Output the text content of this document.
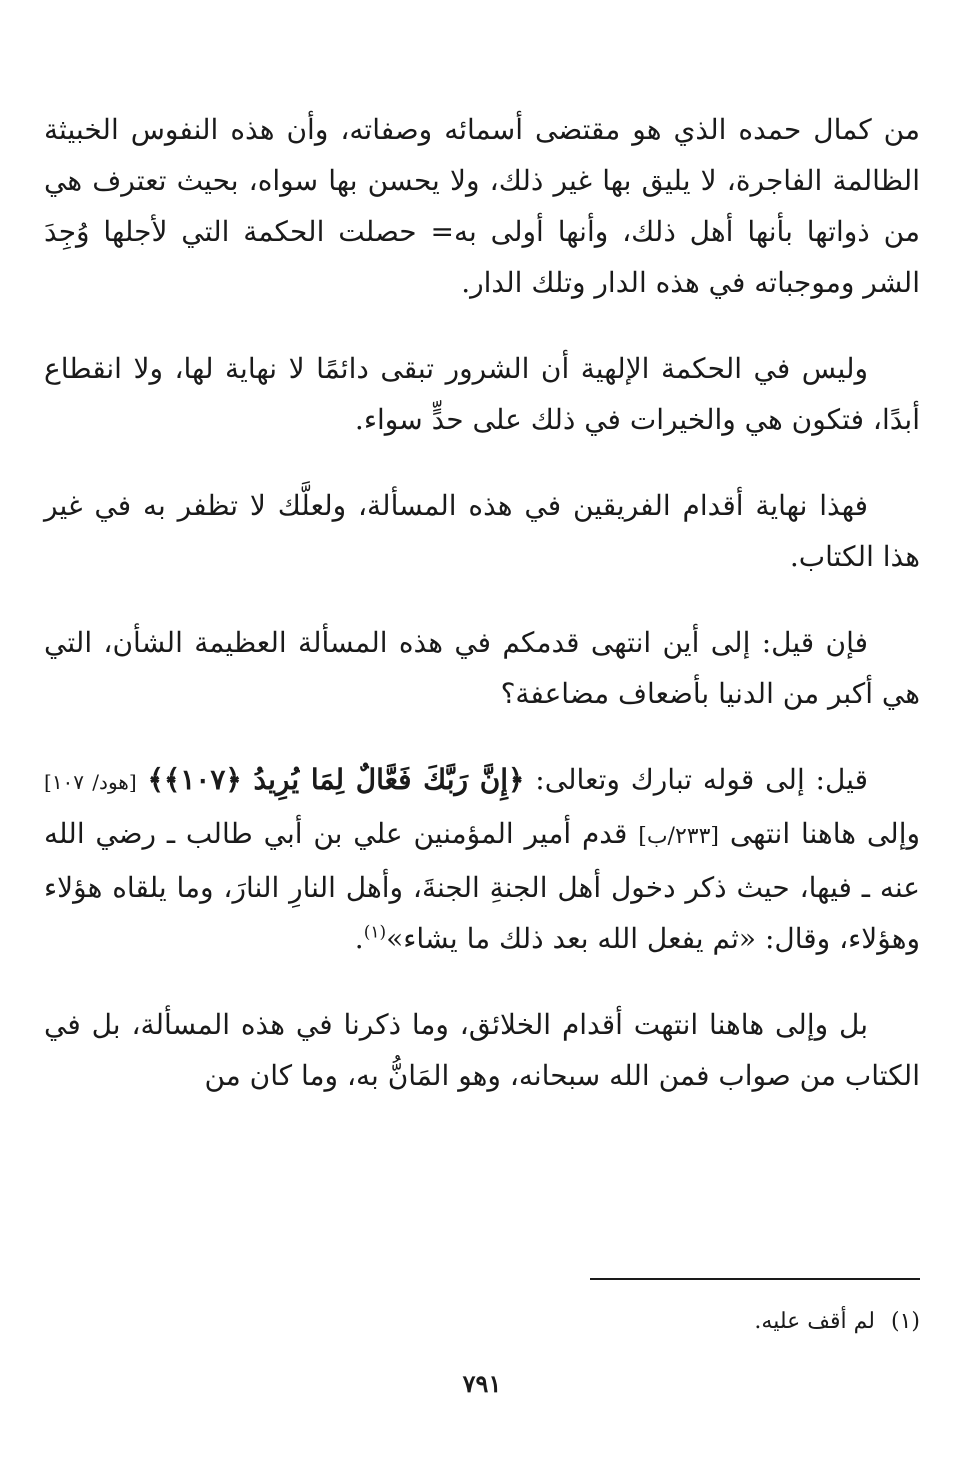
من كمال حمده الذي هو مقتضى أسمائه وصفاته، وأن هذه النفوس الخبيثة الظالمة الفاجرة، لا يليق بها غير ذلك، ولا يحسن بها سواه، بحيث تعترف هي من ذواتها بأنها أهل ذلك، وأنها أولى به= حصلت الحكمة التي لأجلها وُجِدَ الشر وموجباته في هذه الدار وتلك الدار.

وليس في الحكمة الإلهية أن الشرور تبقى دائمًا لا نهاية لها، ولا انقطاع أبدًا، فتكون هي والخيرات في ذلك على حدٍّ سواء.

فهذا نهاية أقدام الفريقين في هذه المسألة، ولعلَّك لا تظفر به في غير هذا الكتاب.

فإن قيل: إلى أين انتهى قدمكم في هذه المسألة العظيمة الشأن، التي هي أكبر من الدنيا بأضعاف مضاعفة؟

قيل: إلى قوله تبارك وتعالى: ﴿إِنَّ رَبَّكَ فَعَّالٌ لِمَا يُرِيدُ ﴿١٠٧﴾﴾ [هود/ ١٠٧] وإلى هاهنا انتهى [٢٣٣/ب] قدم أمير المؤمنين علي بن أبي طالب ـ رضي الله عنه ـ فيها، حيث ذكر دخول أهل الجنةِ الجنةَ، وأهل النارِ النارَ، وما يلقاه هؤلاء وهؤلاء، وقال: «ثم يفعل الله بعد ذلك ما يشاء»$^{(١)}$.

بل وإلى هاهنا انتهت أقدام الخلائق، وما ذكرنا في هذه المسألة، بل في الكتاب من صواب فمن الله سبحانه، وهو المَانُّ به، وما كان من

(١)لم أقف عليه.
٧٩١
